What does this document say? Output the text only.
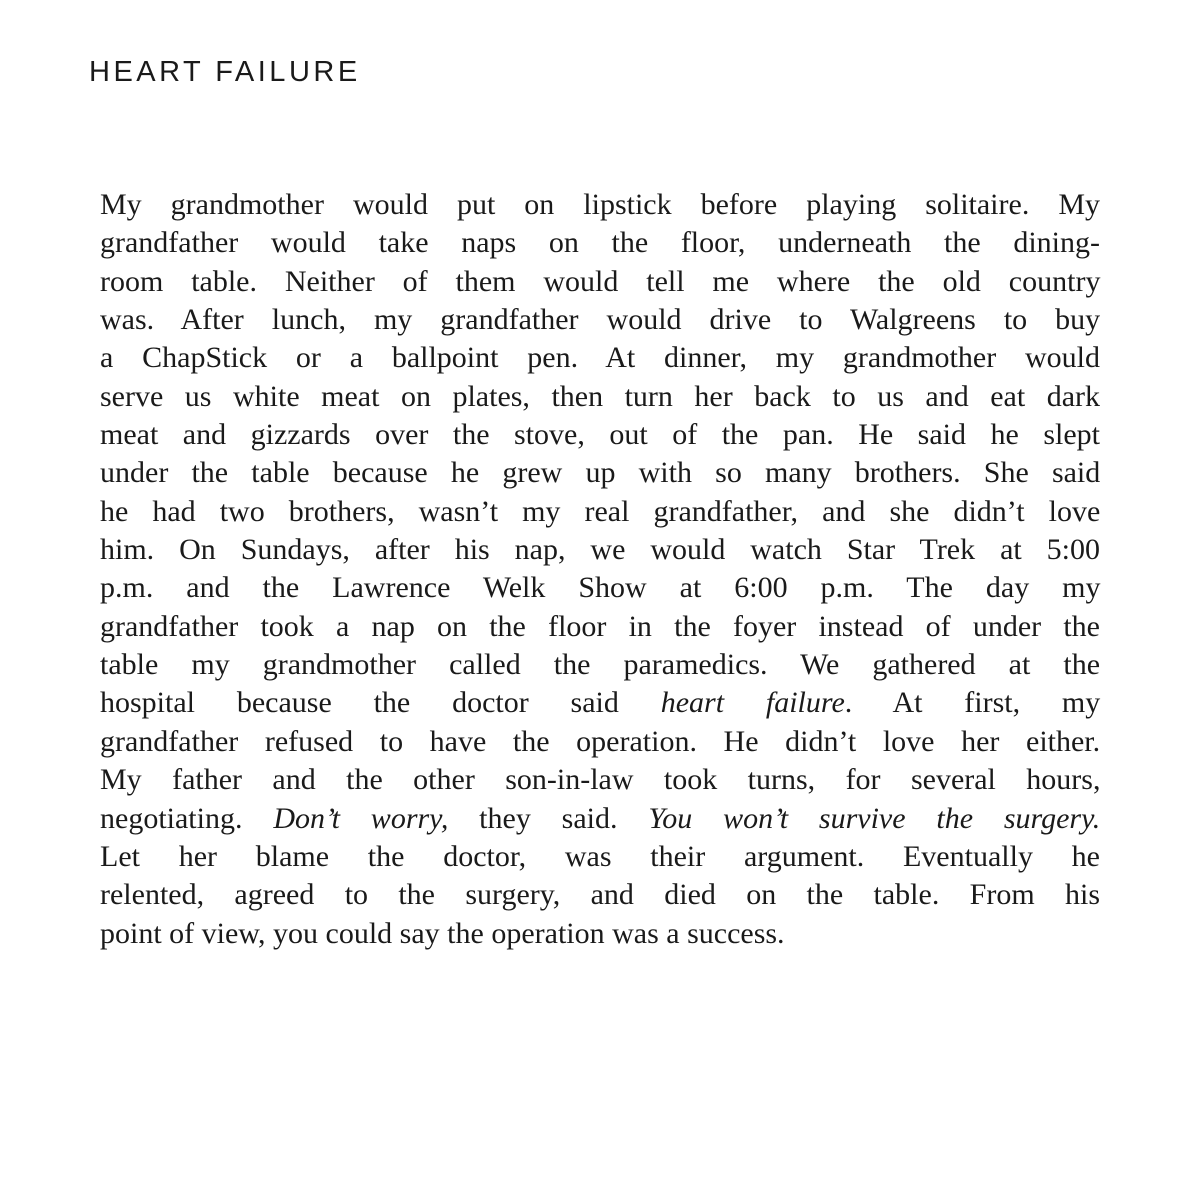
HEART FAILURE
My grandmother would put on lipstick before playing solitaire. My
grandfather would take naps on the floor, underneath the dining-
room table. Neither of them would tell me where the old country
was. After lunch, my grandfather would drive to Walgreens to buy
a ChapStick or a ballpoint pen. At dinner, my grandmother would
serve us white meat on plates, then turn her back to us and eat dark
meat and gizzards over the stove, out of the pan. He said he slept
under the table because he grew up with so many brothers. She said
he had two brothers, wasn’t my real grandfather, and she didn’t love
him. On Sundays, after his nap, we would watch Star Trek at 5:00
p.m. and the Lawrence Welk Show at 6:00 p.m. The day my
grandfather took a nap on the floor in the foyer instead of under the
table my grandmother called the paramedics. We gathered at the
hospital because the doctor said heart failure. At first, my
grandfather refused to have the operation. He didn’t love her either.
My father and the other son-in-law took turns, for several hours,
negotiating. Don’t worry, they said. You won’t survive the surgery.
Let her blame the doctor, was their argument. Eventually he
relented, agreed to the surgery, and died on the table. From his
point of view, you could say the operation was a success.
